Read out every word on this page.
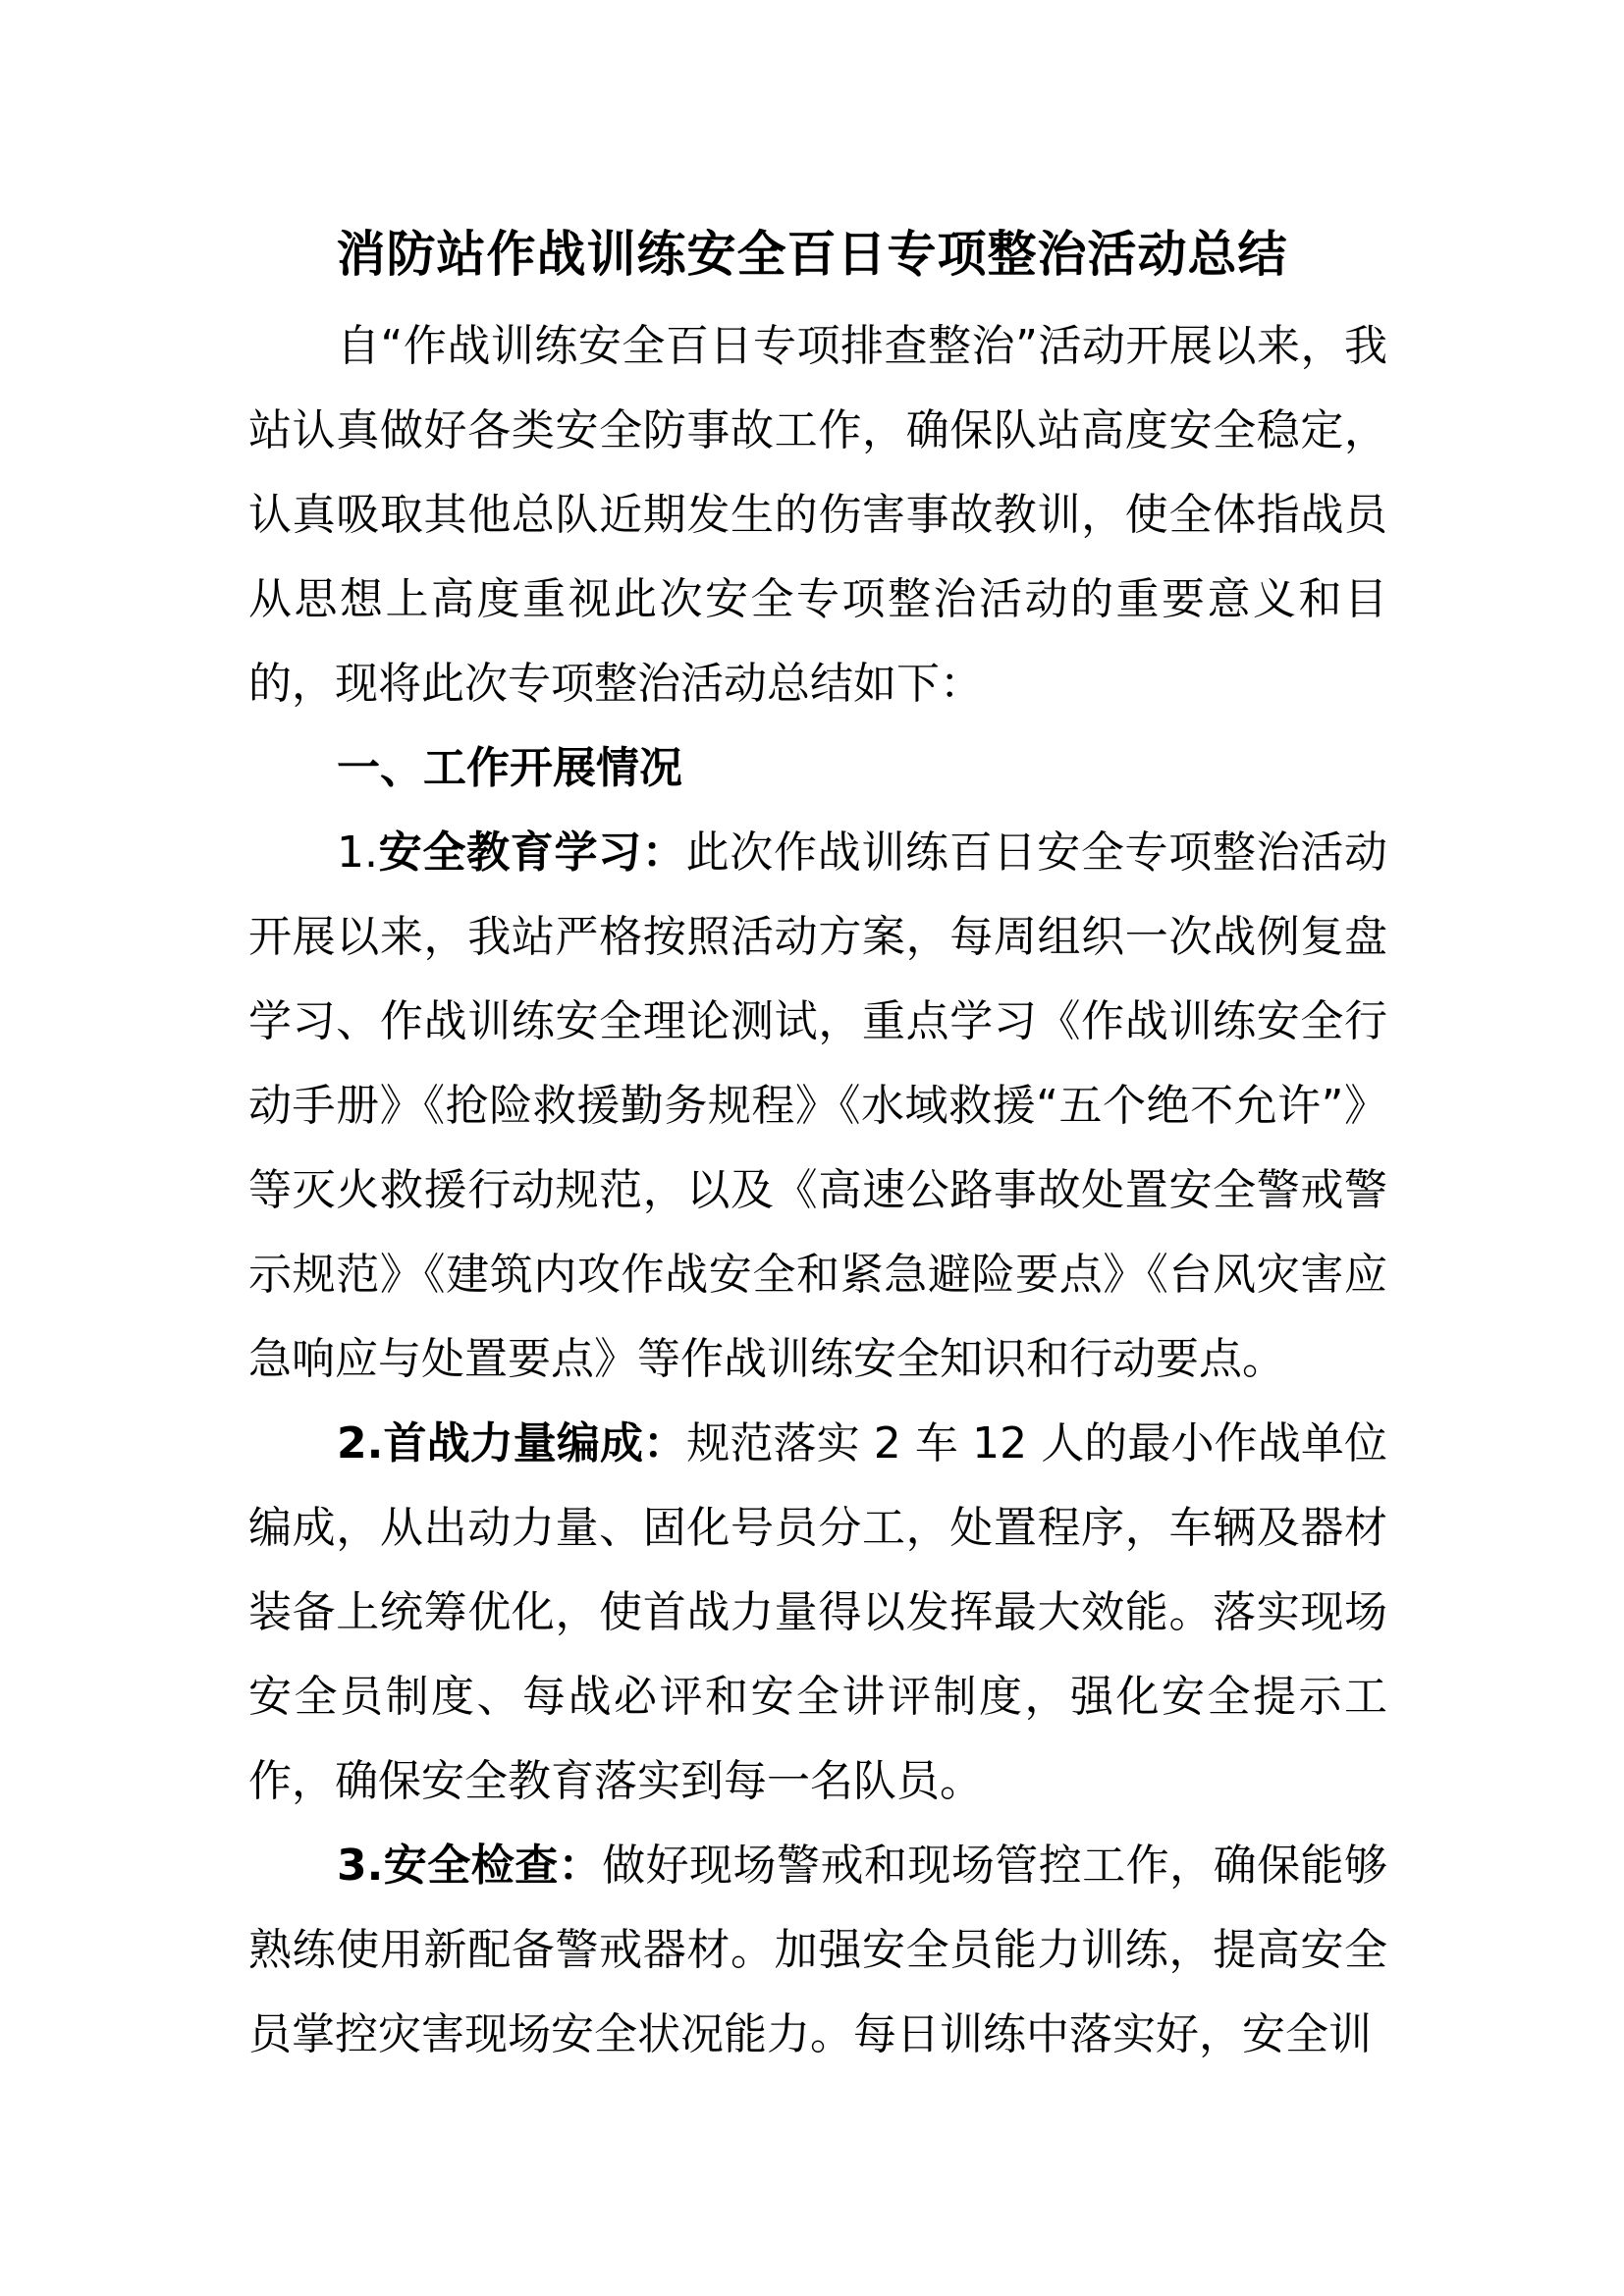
消防站作战训练安全百日专项整治活动总结

自“作战训练安全百日专项排查整治”活动开展以来，我站认真做好各类安全防事故工作，确保队站高度安全稳定，认真吸取其他总队近期发生的伤害事故教训，使全体指战员从思想上高度重视此次安全专项整治活动的重要意义和目的，现将此次专项整治活动总结如下：

一、工作开展情况

1.安全教育学习：此次作战训练百日安全专项整治活动开展以来，我站严格按照活动方案，每周组织一次战例复盘学习、作战训练安全理论测试，重点学习《作战训练安全行动手册》《抢险救援勤务规程》《水域救援“五个绝不允许”》等灭火救援行动规范，以及《高速公路事故处置安全警戒警示规范》《建筑内攻作战安全和紧急避险要点》《台风灾害应急响应与处置要点》等作战训练安全知识和行动要点。

2.首战力量编成：规范落实 2 车 12 人的最小作战单位编成，从出动力量、固化号员分工，处置程序，车辆及器材装备上统筹优化，使首战力量得以发挥最大效能。落实现场安全员制度、每战必评和安全讲评制度，强化安全提示工作，确保安全教育落实到每一名队员。

3.安全检查：做好现场警戒和现场管控工作，确保能够熟练使用新配备警戒器材。加强安全员能力训练，提高安全员掌控灾害现场安全状况能力。每日训练中落实好，安全训
